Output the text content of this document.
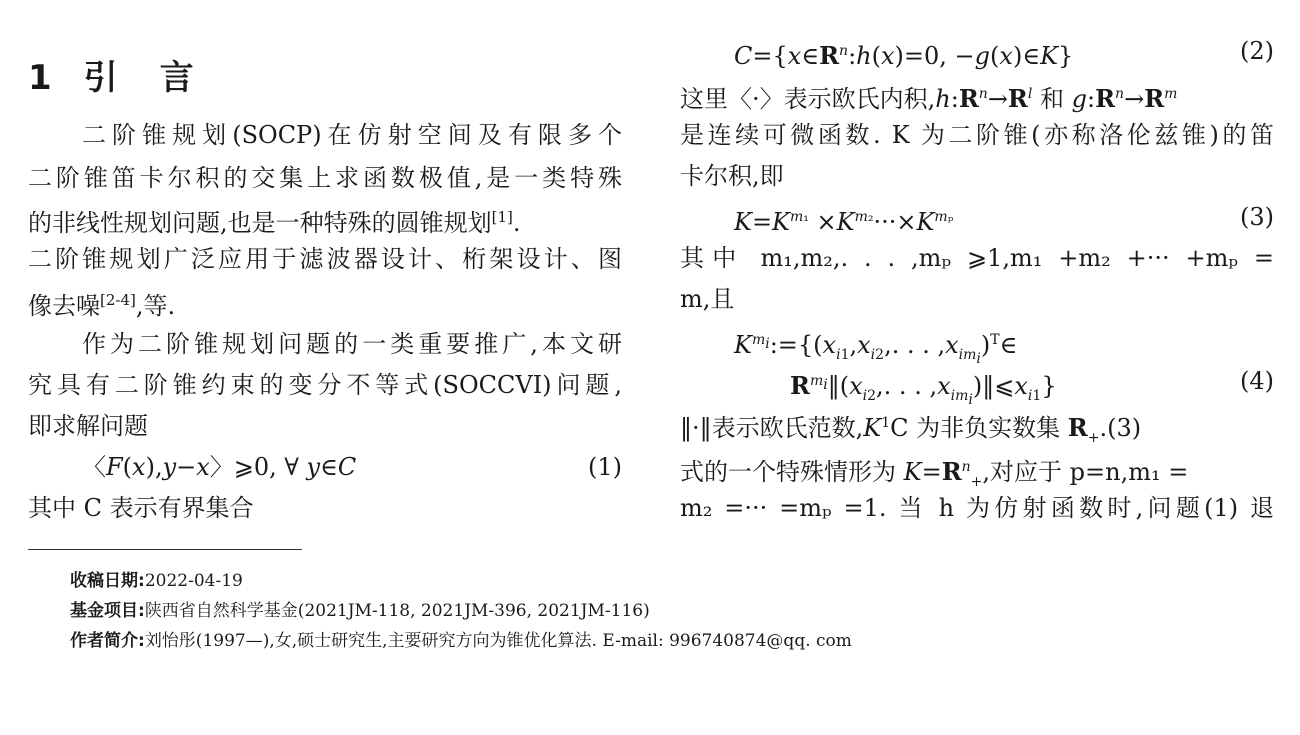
1 引 言
二阶锥规划(SOCP)在仿射空间及有限多个
二阶锥笛卡尔积的交集上求函数极值,是一类特殊
的非线性规划问题,也是一种特殊的圆锥规划[1].
二阶锥规划广泛应用于滤波器设计、桁架设计、图
像去噪[2-4],等.
作为二阶锥规划问题的一类重要推广,本文研
究具有二阶锥约束的变分不等式(SOCCVI)问题,
即求解问题
〈F(x),y−x〉⩾0, ∀ y∈C	(1)
其中 C 表示有界集合
$C=\{x\in R^n:h(x)=0$, −g(x)∈K}	(2)
这里〈·〉表示欧氏内积$,h:R^n\to R^l$ 和 $g:R^n\to R^m$
是连续可微函数. K 为二阶锥(亦称洛伦兹锥)的笛
卡尔积,即
$K=K^{m_1} \times K^{m_2}\cdot\cdot\cdot\times K^{m_p}$	(3)
其中 m₁,m₂,. . . ,mₚ ⩾1,m₁ +m₂ +··· +mₚ =
m,且
$K^{m_i}:=\{(x_{i1},x_{i2}$,. . . $,x_{im_i})^T\in$
$R^{m_i}‖(x_{i2}$,. . . $,x_{im_i})‖⩽x_{i1}$}	(4)
‖·‖表示欧氏范数$,K^1C$ 为非负实数集 $R_+.(3)$
式的一个特殊情形为 $K=R^n_+$,对应于 p=n,m₁ =
m₂ =··· =mₚ =1. 当 h 为仿射函数时,问题(1) 退
收稿日期:2022-04-19
基金项目:陕西省自然科学基金(2021JM-118, 2021JM-396, 2021JM-116)
作者简介:刘怡彤(1997—),女,硕士研究生,主要研究方向为锥优化算法. E-mail: 996740874@qq. com
